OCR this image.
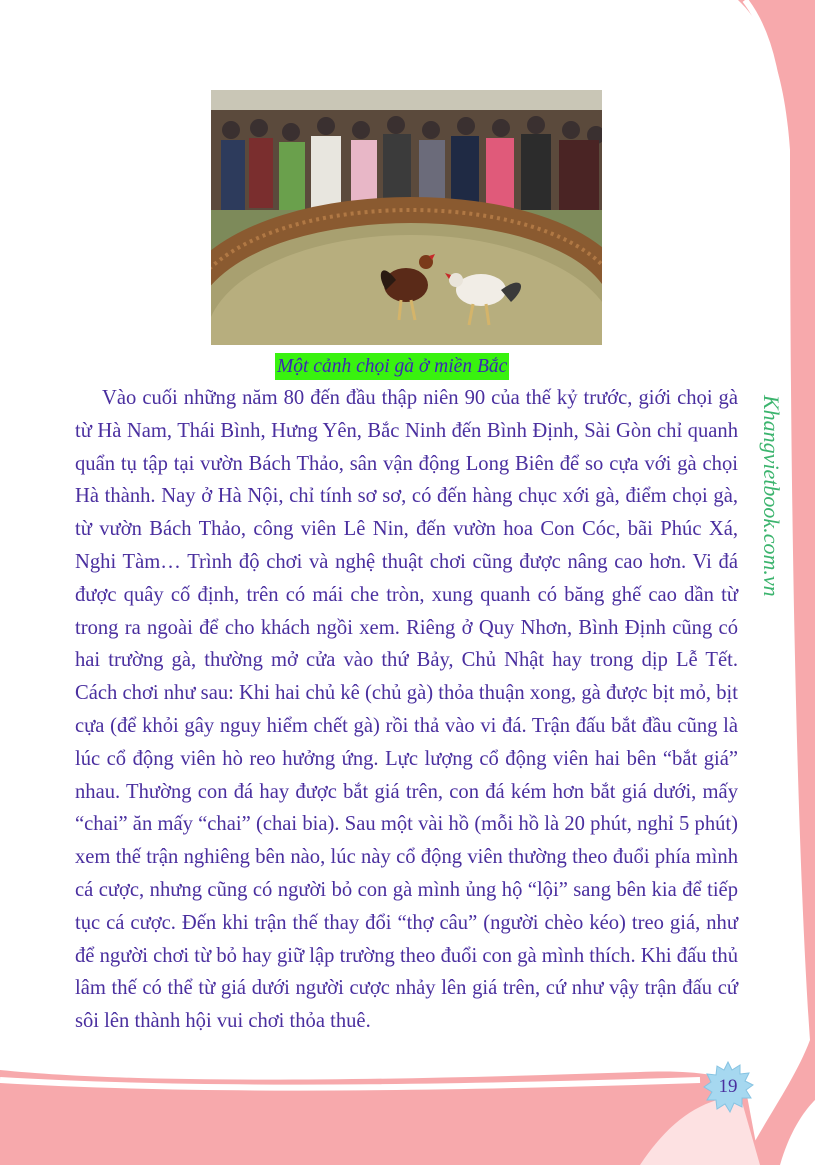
Một cảnh chọi gà ở miền Bắc

Vào cuối những năm 80 đến đầu thập niên 90 của thế kỷ trước, giới chọi gà từ Hà Nam, Thái Bình, Hưng Yên, Bắc Ninh đến Bình Định, Sài Gòn chỉ quanh quẩn tụ tập tại vườn Bách Thảo, sân vận động Long Biên để so cựa với gà chọi Hà thành. Nay ở Hà Nội, chỉ tính sơ sơ, có đến hàng chục xới gà, điểm chọi gà, từ vườn Bách Thảo, công viên Lê Nin, đến vườn hoa Con Cóc, bãi Phúc Xá, Nghi Tàm… Trình độ chơi và nghệ thuật chơi cũng được nâng cao hơn. Vi đá được quây cố định, trên có mái che tròn, xung quanh có băng ghế cao dần từ trong ra ngoài để cho khách ngồi xem. Riêng ở Quy Nhơn, Bình Định cũng có hai trường gà, thường mở cửa vào thứ Bảy, Chủ Nhật hay trong dịp Lễ Tết. Cách chơi như sau: Khi hai chủ kê (chủ gà) thỏa thuận xong, gà được bịt mỏ, bịt cựa (để khỏi gây nguy hiểm chết gà) rồi thả vào vi đá. Trận đấu bắt đầu cũng là lúc cổ động viên hò reo hưởng ứng. Lực lượng cổ động viên hai bên “bắt giá” nhau. Thường con đá hay được bắt giá trên, con đá kém hơn bắt giá dưới, mấy “chai” ăn mấy “chai” (chai bia). Sau một vài hồ (mỗi hồ là 20 phút, nghỉ 5 phút) xem thế trận nghiêng bên nào, lúc này cổ động viên thường theo đuổi phía mình cá cược, nhưng cũng có người bỏ con gà mình ủng hộ “lội” sang bên kia để tiếp tục cá cược. Đến khi trận thế thay đổi “thợ câu” (người chèo kéo) treo giá, như để người chơi từ bỏ hay giữ lập trường theo đuổi con gà mình thích. Khi đấu thủ lâm thế có thể từ giá dưới người cược nhảy lên giá trên, cứ như vậy trận đấu cứ sôi lên thành hội vui chơi thỏa thuê.

Khangvietbook.com.vn
19
